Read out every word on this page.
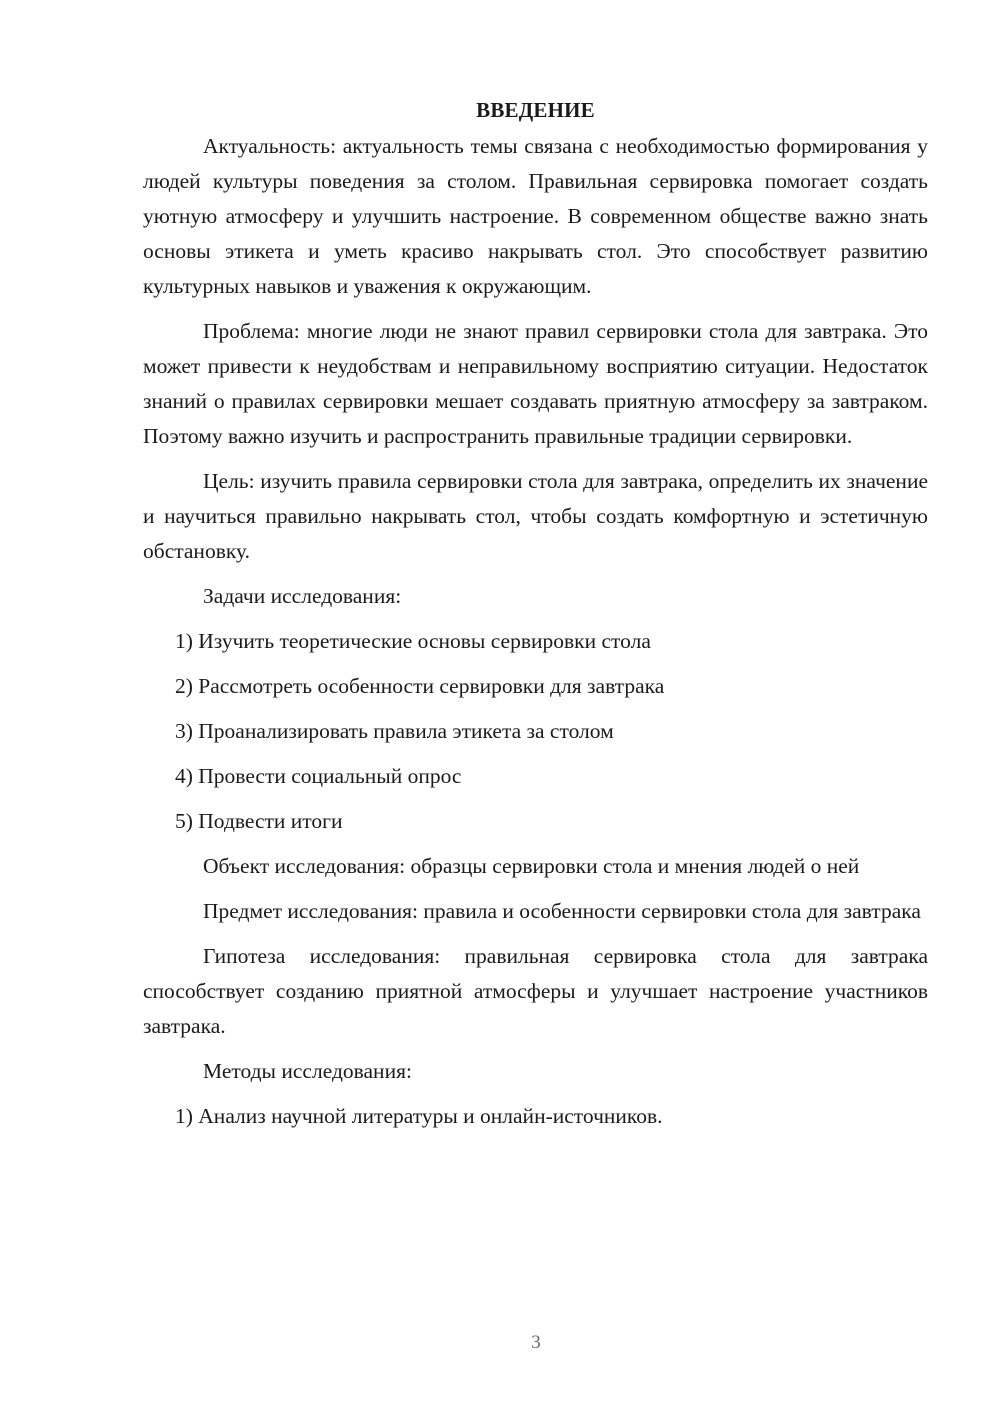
ВВЕДЕНИЕ

Актуальность: актуальность темы связана с необходимостью формирования у людей культуры поведения за столом. Правильная сервировка помогает создать уютную атмосферу и улучшить настроение. В современном обществе важно знать основы этикета и уметь красиво накрывать стол. Это способствует развитию культурных навыков и уважения к окружающим.

Проблема: многие люди не знают правил сервировки стола для завтрака. Это может привести к неудобствам и неправильному восприятию ситуации. Недостаток знаний о правилах сервировки мешает создавать приятную атмосферу за завтраком. Поэтому важно изучить и распространить правильные традиции сервировки.

Цель: изучить правила сервировки стола для завтрака, определить их значение и научиться правильно накрывать стол, чтобы создать комфортную и эстетичную обстановку.

Задачи исследования:

1) Изучить теоретические основы сервировки стола
2) Рассмотреть особенности сервировки для завтрака
3) Проанализировать правила этикета за столом
4) Провести социальный опрос
5) Подвести итоги

Объект исследования: образцы сервировки стола и мнения людей о ней

Предмет исследования: правила и особенности сервировки стола для завтрака

Гипотеза исследования: правильная сервировка стола для завтрака способствует созданию приятной атмосферы и улучшает настроение участников завтрака.

Методы исследования:

1) Анализ научной литературы и онлайн-источников.
3
